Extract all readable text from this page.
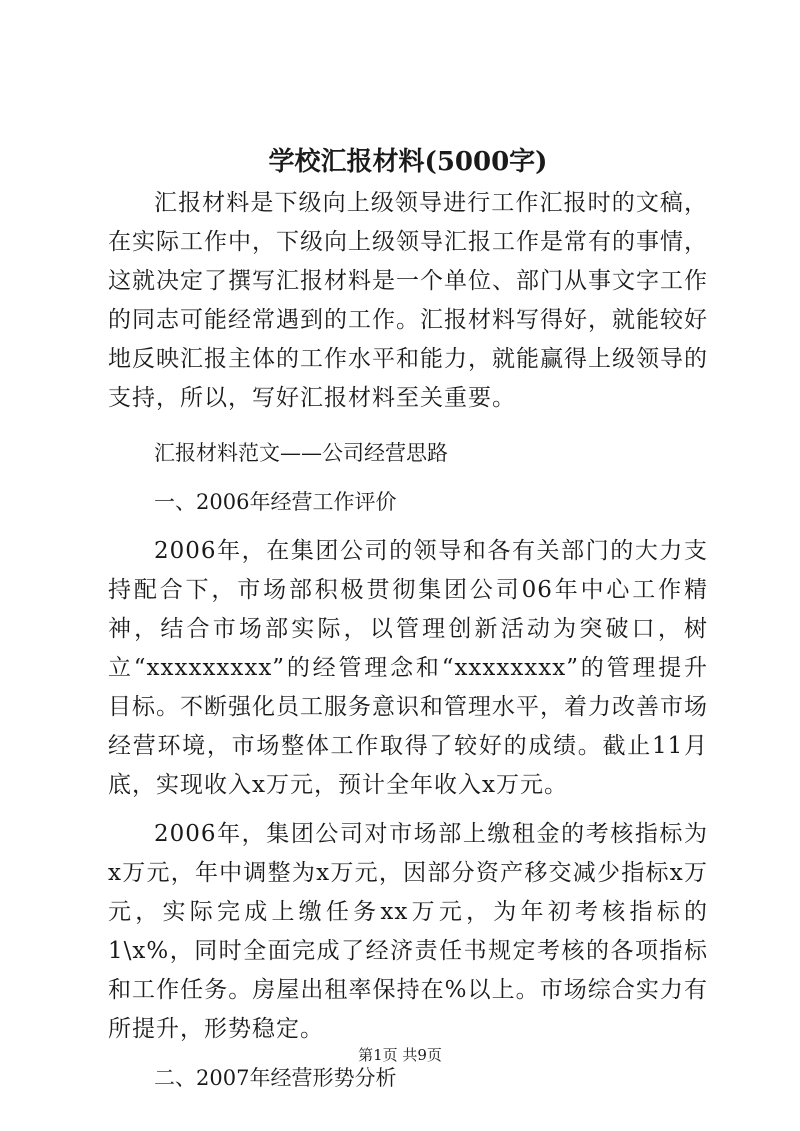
学校汇报材料(5000字)

汇报材料是下级向上级领导进行工作汇报时的文稿，在实际工作中，下级向上级领导汇报工作是常有的事情，这就决定了撰写汇报材料是一个单位、部门从事文字工作的同志可能经常遇到的工作。汇报材料写得好，就能较好地反映汇报主体的工作水平和能力，就能赢得上级领导的支持，所以，写好汇报材料至关重要。

汇报材料范文——公司经营思路

一、2006年经营工作评价

2006年，在集团公司的领导和各有关部门的大力支持配合下，市场部积极贯彻集团公司06年中心工作精神，结合市场部实际，以管理创新活动为突破口，树立“xxxxxxxxx”的经管理念和“xxxxxxxx”的管理提升目标。不断强化员工服务意识和管理水平，着力改善市场经营环境，市场整体工作取得了较好的成绩。截止11月底，实现收入x万元，预计全年收入x万元。

2006年，集团公司对市场部上缴租金的考核指标为x万元，年中调整为x万元，因部分资产移交减少指标x万元，实际完成上缴任务xx万元，为年初考核指标的1\x%，同时全面完成了经济责任书规定考核的各项指标和工作任务。房屋出租率保持在%以上。市场综合实力有所提升，形势稳定。

二、2007年经营形势分析

第1页 共9页
